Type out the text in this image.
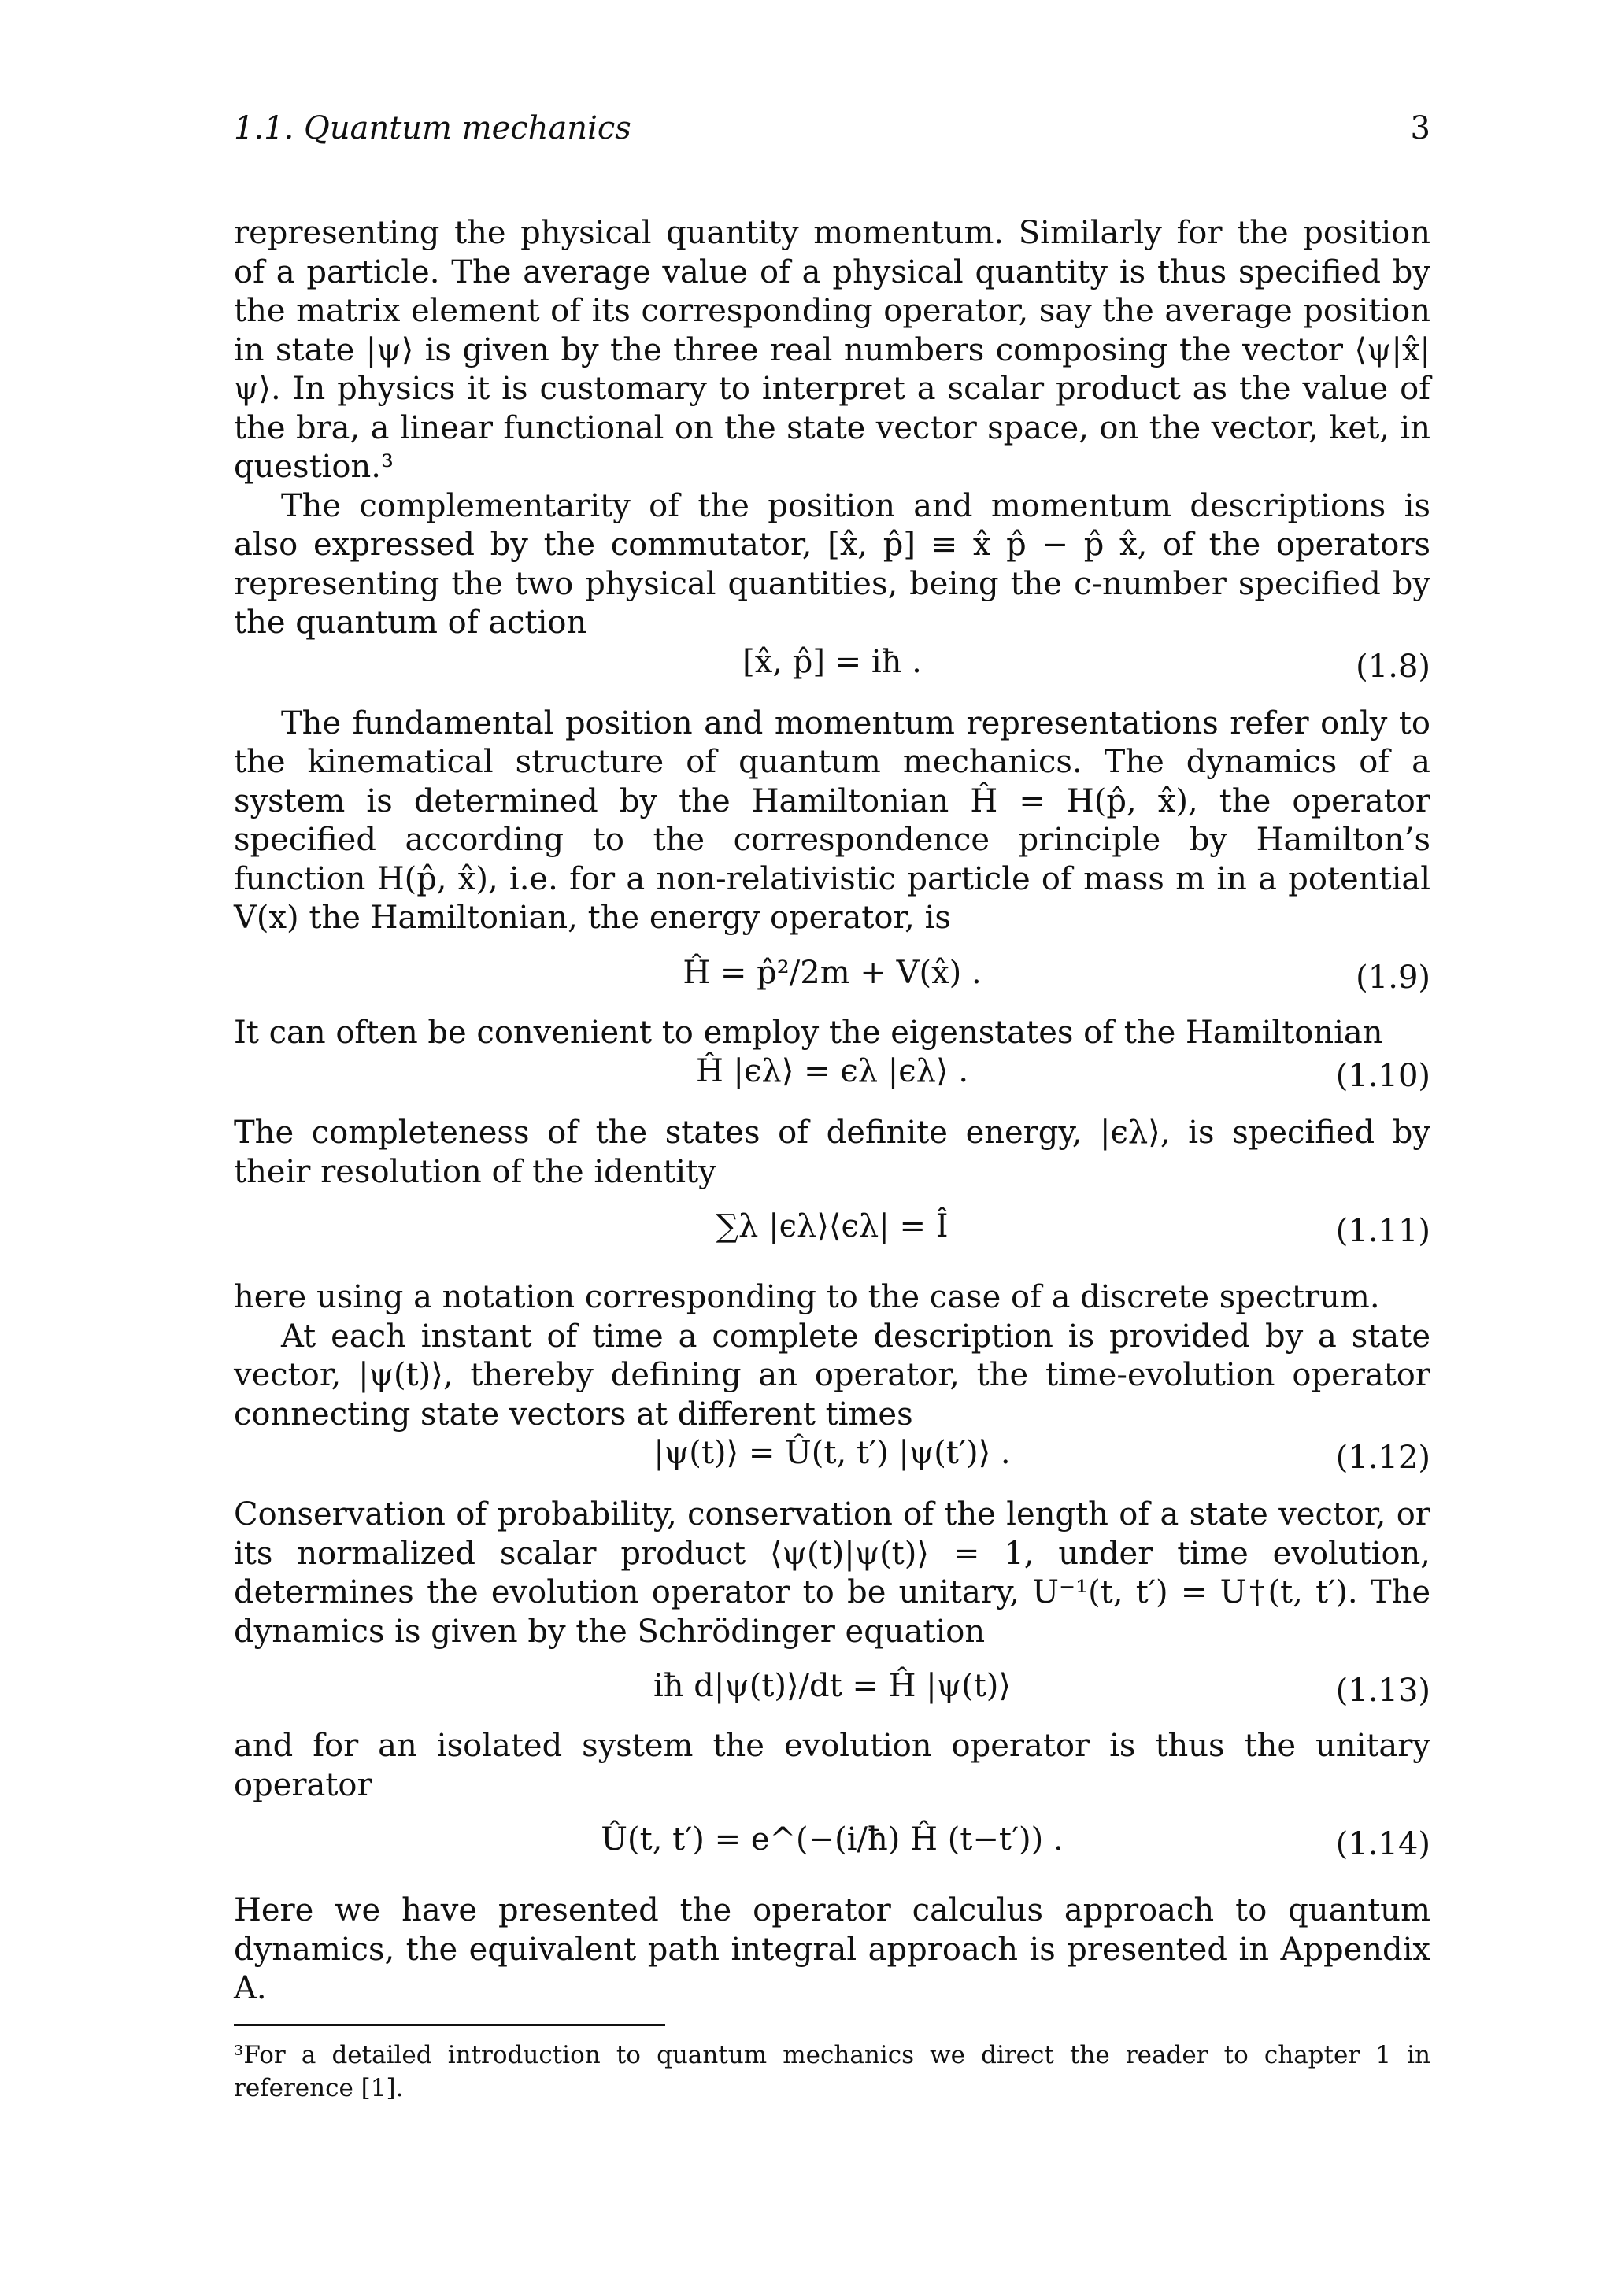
1.1. Quantum mechanics	3

representing the physical quantity momentum. Similarly for the position of a particle. The average value of a physical quantity is thus specified by the matrix element of its corresponding operator, say the average position in state |ψ⟩ is given by the three real numbers composing the vector ⟨ψ|x̂|ψ⟩. In physics it is customary to interpret a scalar product as the value of the bra, a linear functional on the state vector space, on the vector, ket, in question.³

The complementarity of the position and momentum descriptions is also expressed by the commutator, [x̂, p̂] ≡ x̂ p̂ − p̂ x̂, of the operators representing the two physical quantities, being the c-number specified by the quantum of action

[x̂, p̂] = iħ .	(1.8)

The fundamental position and momentum representations refer only to the kinematical structure of quantum mechanics. The dynamics of a system is determined by the Hamiltonian Ĥ = H(p̂, x̂), the operator specified according to the correspondence principle by Hamilton’s function H(p̂, x̂), i.e. for a non-relativistic particle of mass m in a potential V(x) the Hamiltonian, the energy operator, is

Ĥ = p̂²/2m + V(x̂) .	(1.9)

It can often be convenient to employ the eigenstates of the Hamiltonian

Ĥ |ϵλ⟩ = ϵλ |ϵλ⟩ .	(1.10)

The completeness of the states of definite energy, |ϵλ⟩, is specified by their resolution of the identity

∑λ |ϵλ⟩⟨ϵλ| = Î	(1.11)

here using a notation corresponding to the case of a discrete spectrum.

At each instant of time a complete description is provided by a state vector, |ψ(t)⟩, thereby defining an operator, the time-evolution operator connecting state vectors at different times

|ψ(t)⟩ = Û(t, t′) |ψ(t′)⟩ .	(1.12)

Conservation of probability, conservation of the length of a state vector, or its normalized scalar product ⟨ψ(t)|ψ(t)⟩ = 1, under time evolution, determines the evolution operator to be unitary, U⁻¹(t, t′) = U†(t, t′). The dynamics is given by the Schrödinger equation

iħ d|ψ(t)⟩/dt = Ĥ |ψ(t)⟩	(1.13)

and for an isolated system the evolution operator is thus the unitary operator

Û(t, t′) = e^(−(i/ħ) Ĥ (t−t′)) .	(1.14)

Here we have presented the operator calculus approach to quantum dynamics, the equivalent path integral approach is presented in Appendix A.

³For a detailed introduction to quantum mechanics we direct the reader to chapter 1 in reference [1].
